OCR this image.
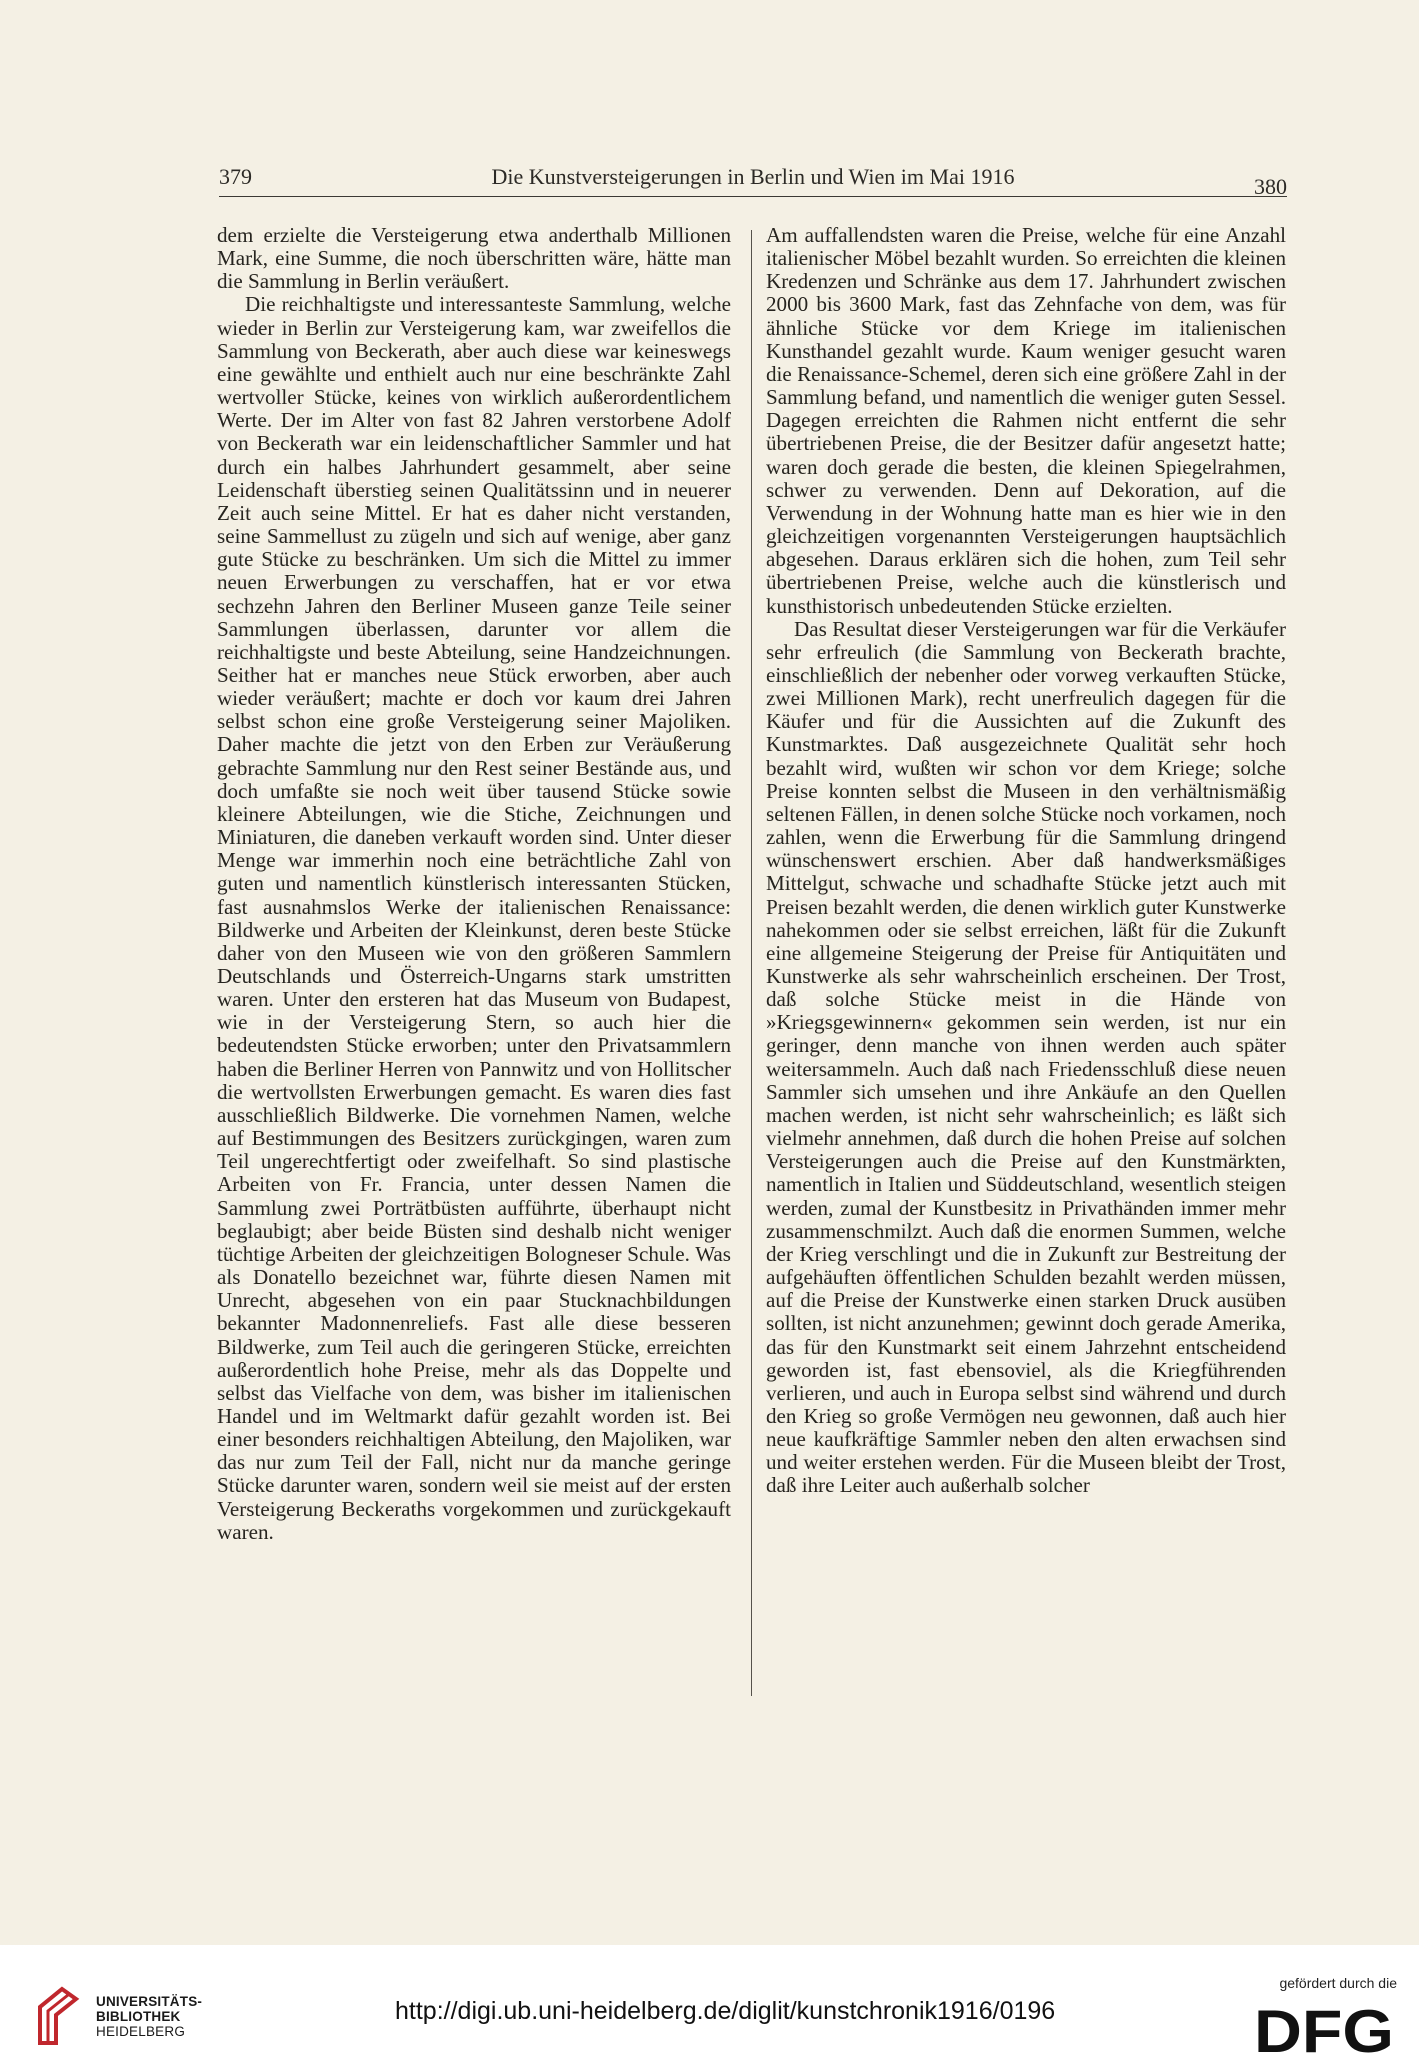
379	Die Kunstversteigerungen in Berlin und Wien im Mai 1916	380

dem erzielte die Versteigerung etwa anderthalb Millionen Mark, eine Summe, die noch überschritten wäre, hätte man die Sammlung in Berlin veräußert.

Die reichhaltigste und interessanteste Sammlung, welche wieder in Berlin zur Versteigerung kam, war zweifellos die Sammlung von Beckerath, aber auch diese war keineswegs eine gewählte und enthielt auch nur eine beschränkte Zahl wertvoller Stücke, keines von wirklich außerordentlichem Werte. Der im Alter von fast 82 Jahren verstorbene Adolf von Beckerath war ein leidenschaftlicher Sammler und hat durch ein halbes Jahrhundert gesammelt, aber seine Leidenschaft überstieg seinen Qualitätssinn und in neuerer Zeit auch seine Mittel. Er hat es daher nicht verstanden, seine Sammellust zu zügeln und sich auf wenige, aber ganz gute Stücke zu beschränken. Um sich die Mittel zu immer neuen Erwerbungen zu verschaffen, hat er vor etwa sechzehn Jahren den Berliner Museen ganze Teile seiner Sammlungen überlassen, darunter vor allem die reichhaltigste und beste Abteilung, seine Handzeichnungen. Seither hat er manches neue Stück erworben, aber auch wieder veräußert; machte er doch vor kaum drei Jahren selbst schon eine große Versteigerung seiner Majoliken. Daher machte die jetzt von den Erben zur Veräußerung gebrachte Sammlung nur den Rest seiner Bestände aus, und doch umfaßte sie noch weit über tausend Stücke sowie kleinere Abteilungen, wie die Stiche, Zeichnungen und Miniaturen, die daneben verkauft worden sind. Unter dieser Menge war immerhin noch eine beträchtliche Zahl von guten und namentlich künstlerisch interessanten Stücken, fast ausnahmslos Werke der italienischen Renaissance: Bildwerke und Arbeiten der Kleinkunst, deren beste Stücke daher von den Museen wie von den größeren Sammlern Deutschlands und Österreich-Ungarns stark umstritten waren. Unter den ersteren hat das Museum von Budapest, wie in der Versteigerung Stern, so auch hier die bedeutendsten Stücke erworben; unter den Privatsammlern haben die Berliner Herren von Pannwitz und von Hollitscher die wertvollsten Erwerbungen gemacht. Es waren dies fast ausschließlich Bildwerke. Die vornehmen Namen, welche auf Bestimmungen des Besitzers zurückgingen, waren zum Teil ungerechtfertigt oder zweifelhaft. So sind plastische Arbeiten von Fr. Francia, unter dessen Namen die Sammlung zwei Porträtbüsten aufführte, überhaupt nicht beglaubigt; aber beide Büsten sind deshalb nicht weniger tüchtige Arbeiten der gleichzeitigen Bologneser Schule. Was als Donatello bezeichnet war, führte diesen Namen mit Unrecht, abgesehen von ein paar Stucknachbildungen bekannter Madonnenreliefs. Fast alle diese besseren Bildwerke, zum Teil auch die geringeren Stücke, erreichten außerordentlich hohe Preise, mehr als das Doppelte und selbst das Vielfache von dem, was bisher im italienischen Handel und im Weltmarkt dafür gezahlt worden ist. Bei einer besonders reichhaltigen Abteilung, den Majoliken, war das nur zum Teil der Fall, nicht nur da manche geringe Stücke darunter waren, sondern weil sie meist auf der ersten Versteigerung Beckeraths vorgekommen und zurückgekauft waren.

Am auffallendsten waren die Preise, welche für eine Anzahl italienischer Möbel bezahlt wurden. So erreichten die kleinen Kredenzen und Schränke aus dem 17. Jahrhundert zwischen 2000 bis 3600 Mark, fast das Zehnfache von dem, was für ähnliche Stücke vor dem Kriege im italienischen Kunsthandel gezahlt wurde. Kaum weniger gesucht waren die Renaissance-Schemel, deren sich eine größere Zahl in der Sammlung befand, und namentlich die weniger guten Sessel. Dagegen erreichten die Rahmen nicht entfernt die sehr übertriebenen Preise, die der Besitzer dafür angesetzt hatte; waren doch gerade die besten, die kleinen Spiegelrahmen, schwer zu verwenden. Denn auf Dekoration, auf die Verwendung in der Wohnung hatte man es hier wie in den gleichzeitigen vorgenannten Versteigerungen hauptsächlich abgesehen. Daraus erklären sich die hohen, zum Teil sehr übertriebenen Preise, welche auch die künstlerisch und kunsthistorisch unbedeutenden Stücke erzielten.

Das Resultat dieser Versteigerungen war für die Verkäufer sehr erfreulich (die Sammlung von Beckerath brachte, einschließlich der nebenher oder vorweg verkauften Stücke, zwei Millionen Mark), recht unerfreulich dagegen für die Käufer und für die Aussichten auf die Zukunft des Kunstmarktes. Daß ausgezeichnete Qualität sehr hoch bezahlt wird, wußten wir schon vor dem Kriege; solche Preise konnten selbst die Museen in den verhältnismäßig seltenen Fällen, in denen solche Stücke noch vorkamen, noch zahlen, wenn die Erwerbung für die Sammlung dringend wünschenswert erschien. Aber daß handwerksmäßiges Mittelgut, schwache und schadhafte Stücke jetzt auch mit Preisen bezahlt werden, die denen wirklich guter Kunstwerke nahekommen oder sie selbst erreichen, läßt für die Zukunft eine allgemeine Steigerung der Preise für Antiquitäten und Kunstwerke als sehr wahrscheinlich erscheinen. Der Trost, daß solche Stücke meist in die Hände von »Kriegsgewinnern« gekommen sein werden, ist nur ein geringer, denn manche von ihnen werden auch später weitersammeln. Auch daß nach Friedensschluß diese neuen Sammler sich umsehen und ihre Ankäufe an den Quellen machen werden, ist nicht sehr wahrscheinlich; es läßt sich vielmehr annehmen, daß durch die hohen Preise auf solchen Versteigerungen auch die Preise auf den Kunstmärkten, namentlich in Italien und Süddeutschland, wesentlich steigen werden, zumal der Kunstbesitz in Privathänden immer mehr zusammenschmilzt. Auch daß die enormen Summen, welche der Krieg verschlingt und die in Zukunft zur Bestreitung der aufgehäuften öffentlichen Schulden bezahlt werden müssen, auf die Preise der Kunstwerke einen starken Druck ausüben sollten, ist nicht anzunehmen; gewinnt doch gerade Amerika, das für den Kunstmarkt seit einem Jahrzehnt entscheidend geworden ist, fast ebensoviel, als die Kriegführenden verlieren, und auch in Europa selbst sind während und durch den Krieg so große Vermögen neu gewonnen, daß auch hier neue kaufkräftige Sammler neben den alten erwachsen sind und weiter erstehen werden. Für die Museen bleibt der Trost, daß ihre Leiter auch außerhalb solcher

UNIVERSITÄTS-
BIBLIOTHEK
HEIDELBERG
http://digi.ub.uni-heidelberg.de/diglit/kunstchronik1916/0196
gefördert durch die
DFG
